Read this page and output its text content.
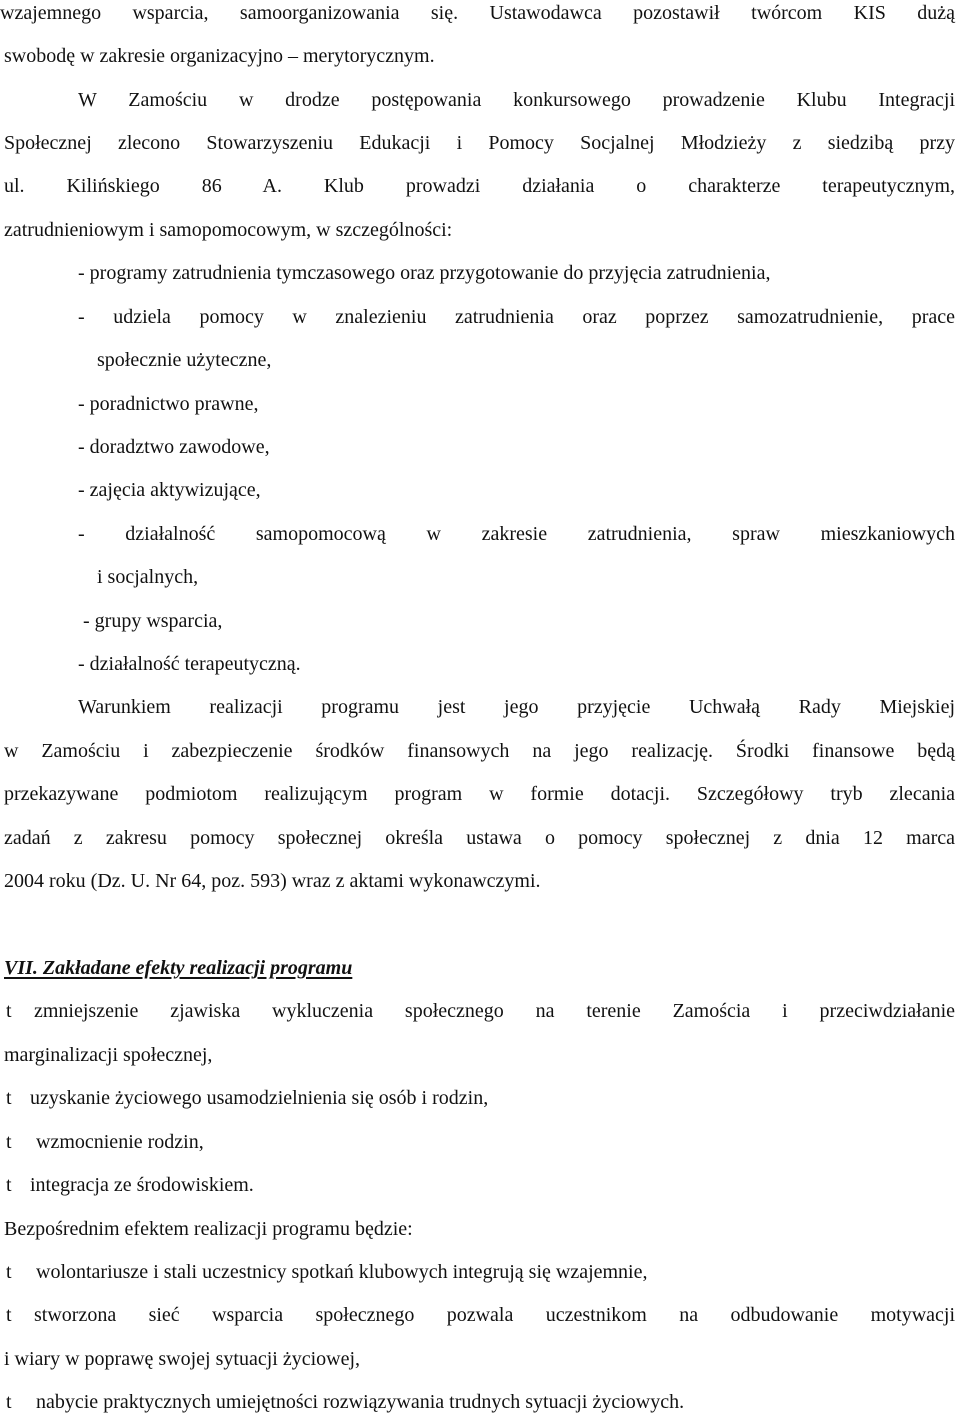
wzajemnego wsparcia, samoorganizowania się. Ustawodawca pozostawił twórcom KIS dużą

swobodę w zakresie organizacyjno – merytorycznym.

W Zamościu w drodze postępowania konkursowego prowadzenie Klubu Integracji

Społecznej zlecono Stowarzyszeniu Edukacji i Pomocy Socjalnej Młodzieży z siedzibą przy

ul. Kilińskiego 86 A. Klub prowadzi działania o charakterze terapeutycznym,

zatrudnieniowym i samopomocowym, w szczególności:

- programy zatrudnienia tymczasowego oraz przygotowanie do przyjęcia zatrudnienia,

- udziela pomocy w znalezieniu zatrudnienia oraz poprzez samozatrudnienie, prace

społecznie użyteczne,

- poradnictwo prawne,

- doradztwo zawodowe,

- zajęcia aktywizujące,

- działalność samopomocową w zakresie zatrudnienia, spraw mieszkaniowych

i socjalnych,

- grupy wsparcia,

- działalność terapeutyczną.

Warunkiem realizacji programu jest jego przyjęcie Uchwałą Rady Miejskiej

w Zamościu i zabezpieczenie środków finansowych na jego realizację. Środki finansowe będą

przekazywane podmiotom realizującym program w formie dotacji. Szczegółowy tryb zlecania

zadań z zakresu pomocy społecznej określa ustawa o pomocy społecznej z dnia 12 marca

2004 roku (Dz. U. Nr 64, poz. 593) wraz z aktami wykonawczymi.

VII. Zakładane efekty realizacji programu

t zmniejszenie zjawiska wykluczenia społecznego na terenie Zamościa i przeciwdziałanie

marginalizacji społecznej,

t uzyskanie życiowego usamodzielnienia się osób i rodzin,

t wzmocnienie rodzin,

t integracja ze środowiskiem.

Bezpośrednim efektem realizacji programu będzie:

t wolontariusze i stali uczestnicy spotkań klubowych integrują się wzajemnie,

t stworzona sieć wsparcia społecznego pozwala uczestnikom na odbudowanie motywacji

i wiary w poprawę swojej sytuacji życiowej,

t nabycie praktycznych umiejętności rozwiązywania trudnych sytuacji życiowych.
